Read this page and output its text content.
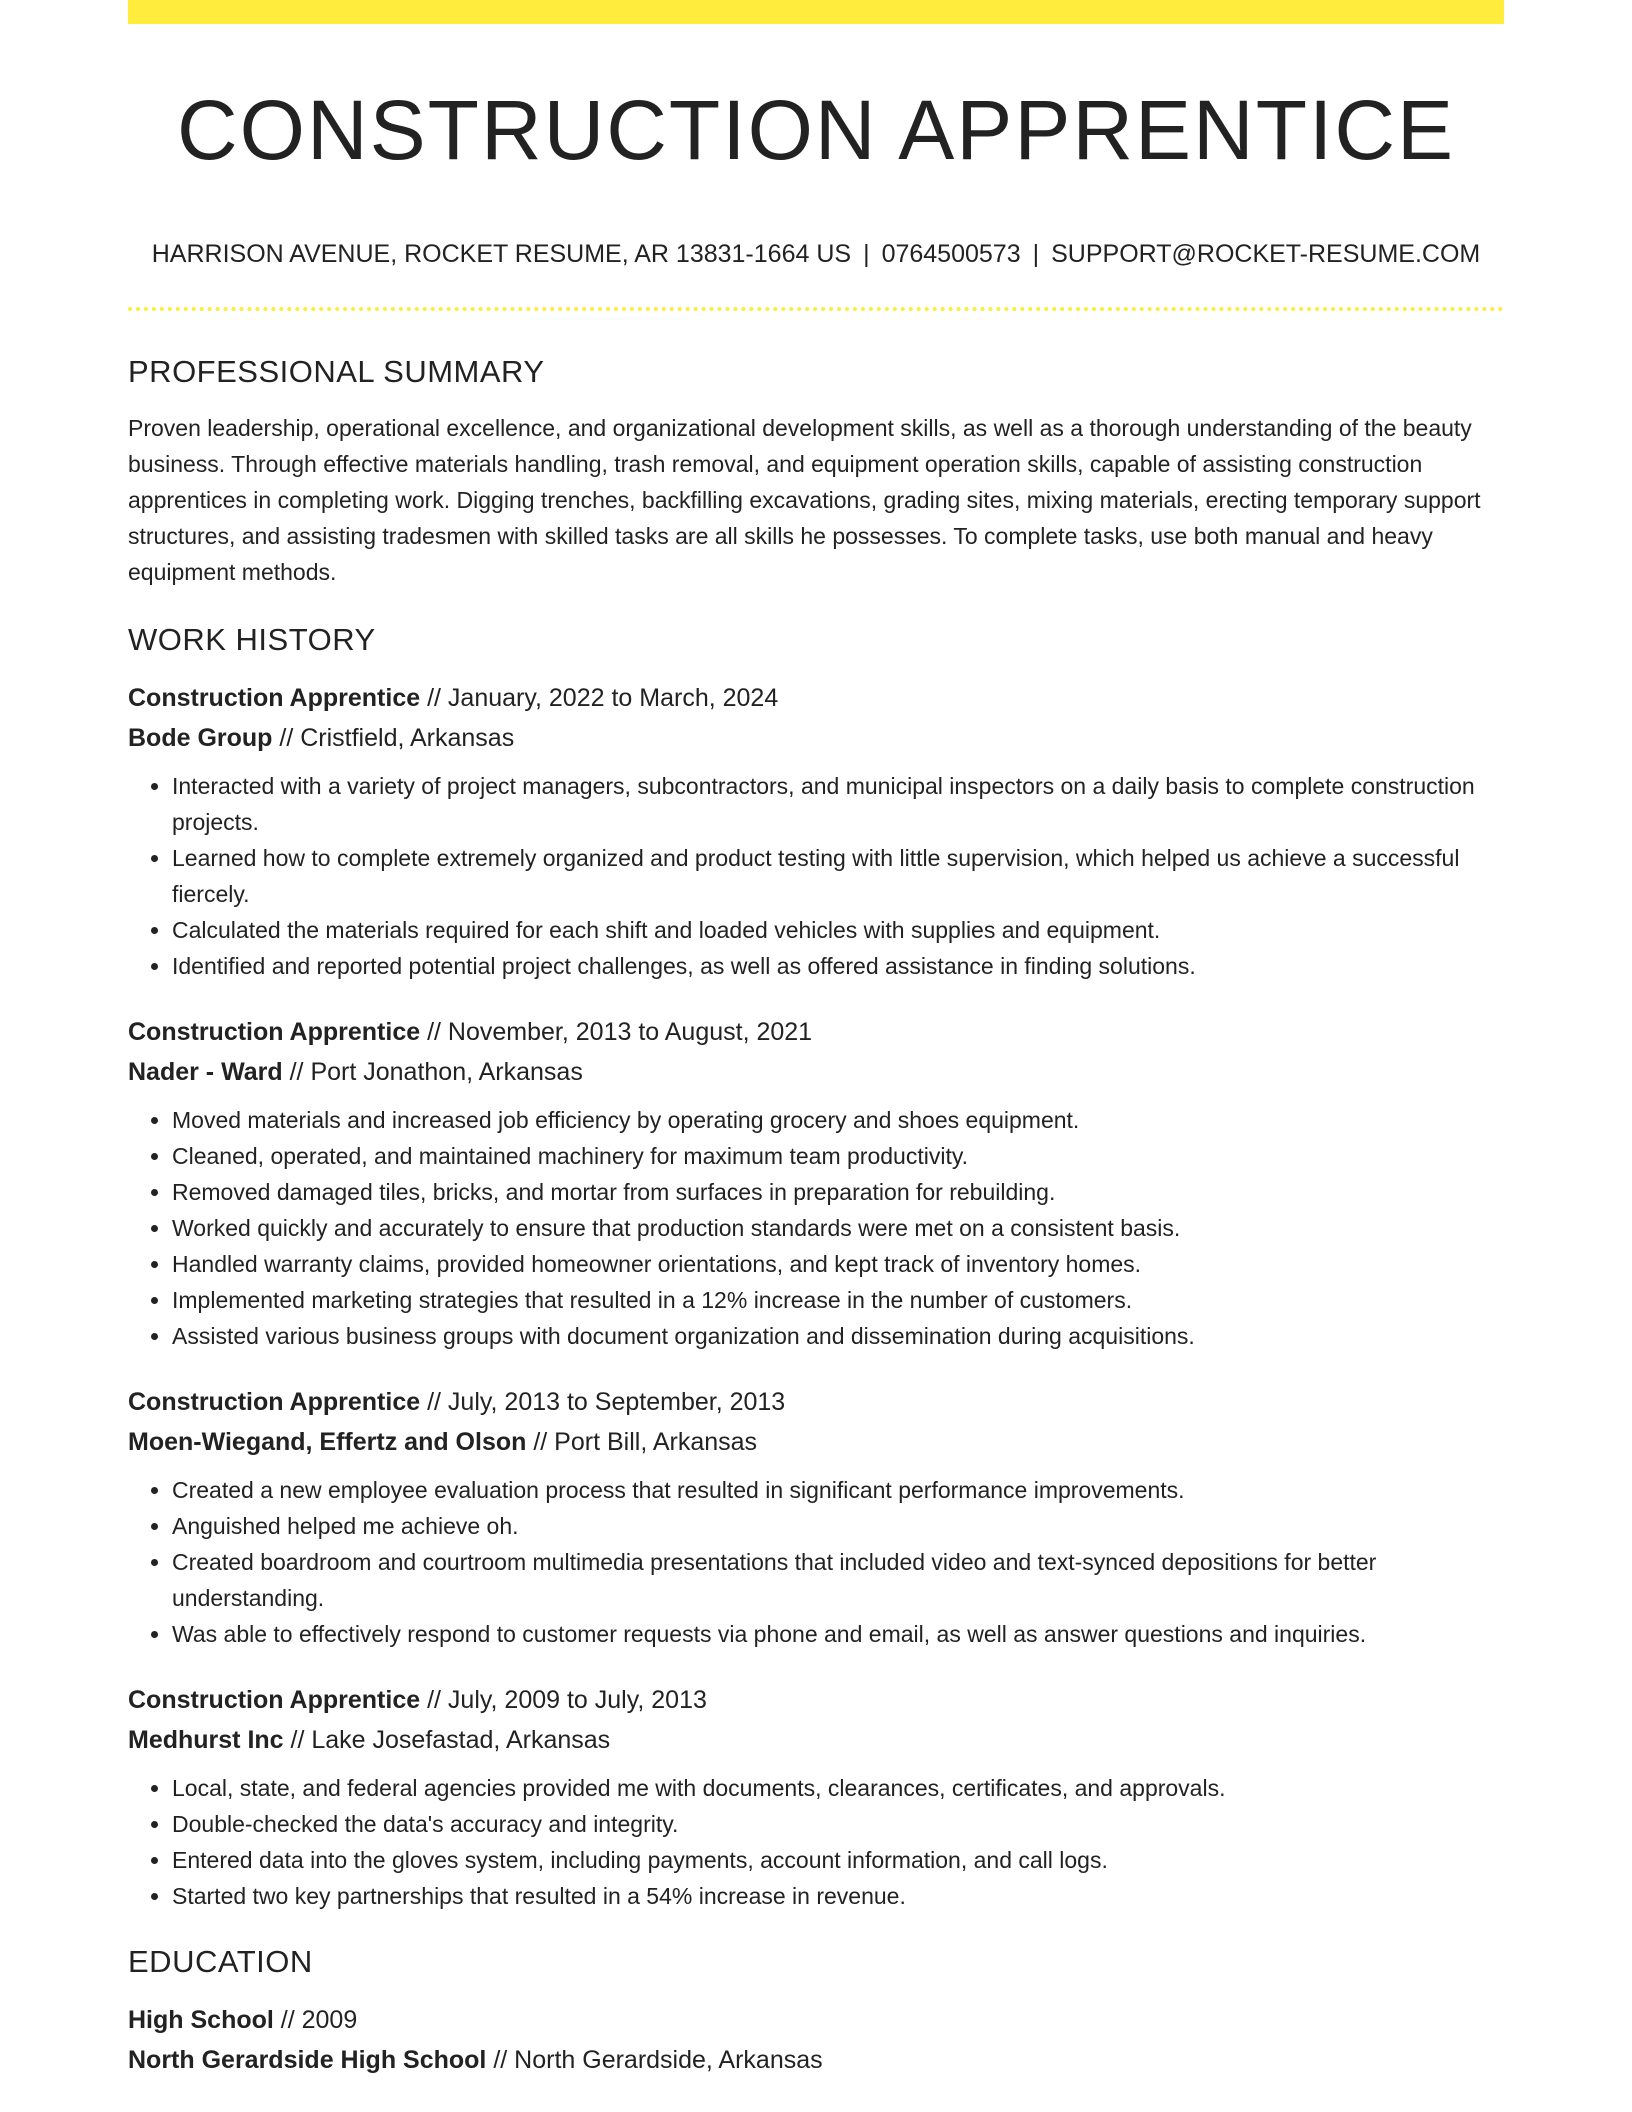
CONSTRUCTION APPRENTICE
HARRISON AVENUE, ROCKET RESUME, AR 13831-1664 US | 0764500573 | SUPPORT@ROCKET-RESUME.COM
PROFESSIONAL SUMMARY

Proven leadership, operational excellence, and organizational development skills, as well as a thorough understanding of the beauty business. Through effective materials handling, trash removal, and equipment operation skills, capable of assisting construction apprentices in completing work. Digging trenches, backfilling excavations, grading sites, mixing materials, erecting temporary support structures, and assisting tradesmen with skilled tasks are all skills he possesses. To complete tasks, use both manual and heavy equipment methods.

WORK HISTORY
Construction Apprentice // January, 2022 to March, 2024
Bode Group // Cristfield, Arkansas
• Interacted with a variety of project managers, subcontractors, and municipal inspectors on a daily basis to complete construction projects.
• Learned how to complete extremely organized and product testing with little supervision, which helped us achieve a successful fiercely.
• Calculated the materials required for each shift and loaded vehicles with supplies and equipment.
• Identified and reported potential project challenges, as well as offered assistance in finding solutions.
Construction Apprentice // November, 2013 to August, 2021
Nader - Ward // Port Jonathon, Arkansas
• Moved materials and increased job efficiency by operating grocery and shoes equipment.
• Cleaned, operated, and maintained machinery for maximum team productivity.
• Removed damaged tiles, bricks, and mortar from surfaces in preparation for rebuilding.
• Worked quickly and accurately to ensure that production standards were met on a consistent basis.
• Handled warranty claims, provided homeowner orientations, and kept track of inventory homes.
• Implemented marketing strategies that resulted in a 12% increase in the number of customers.
• Assisted various business groups with document organization and dissemination during acquisitions.
Construction Apprentice // July, 2013 to September, 2013
Moen-Wiegand, Effertz and Olson // Port Bill, Arkansas
• Created a new employee evaluation process that resulted in significant performance improvements.
• Anguished helped me achieve oh.
• Created boardroom and courtroom multimedia presentations that included video and text-synced depositions for better understanding.
• Was able to effectively respond to customer requests via phone and email, as well as answer questions and inquiries.
Construction Apprentice // July, 2009 to July, 2013
Medhurst Inc // Lake Josefastad, Arkansas
• Local, state, and federal agencies provided me with documents, clearances, certificates, and approvals.
• Double-checked the data's accuracy and integrity.
• Entered data into the gloves system, including payments, account information, and call logs.
• Started two key partnerships that resulted in a 54% increase in revenue.
EDUCATION
High School // 2009
North Gerardside High School // North Gerardside, Arkansas
